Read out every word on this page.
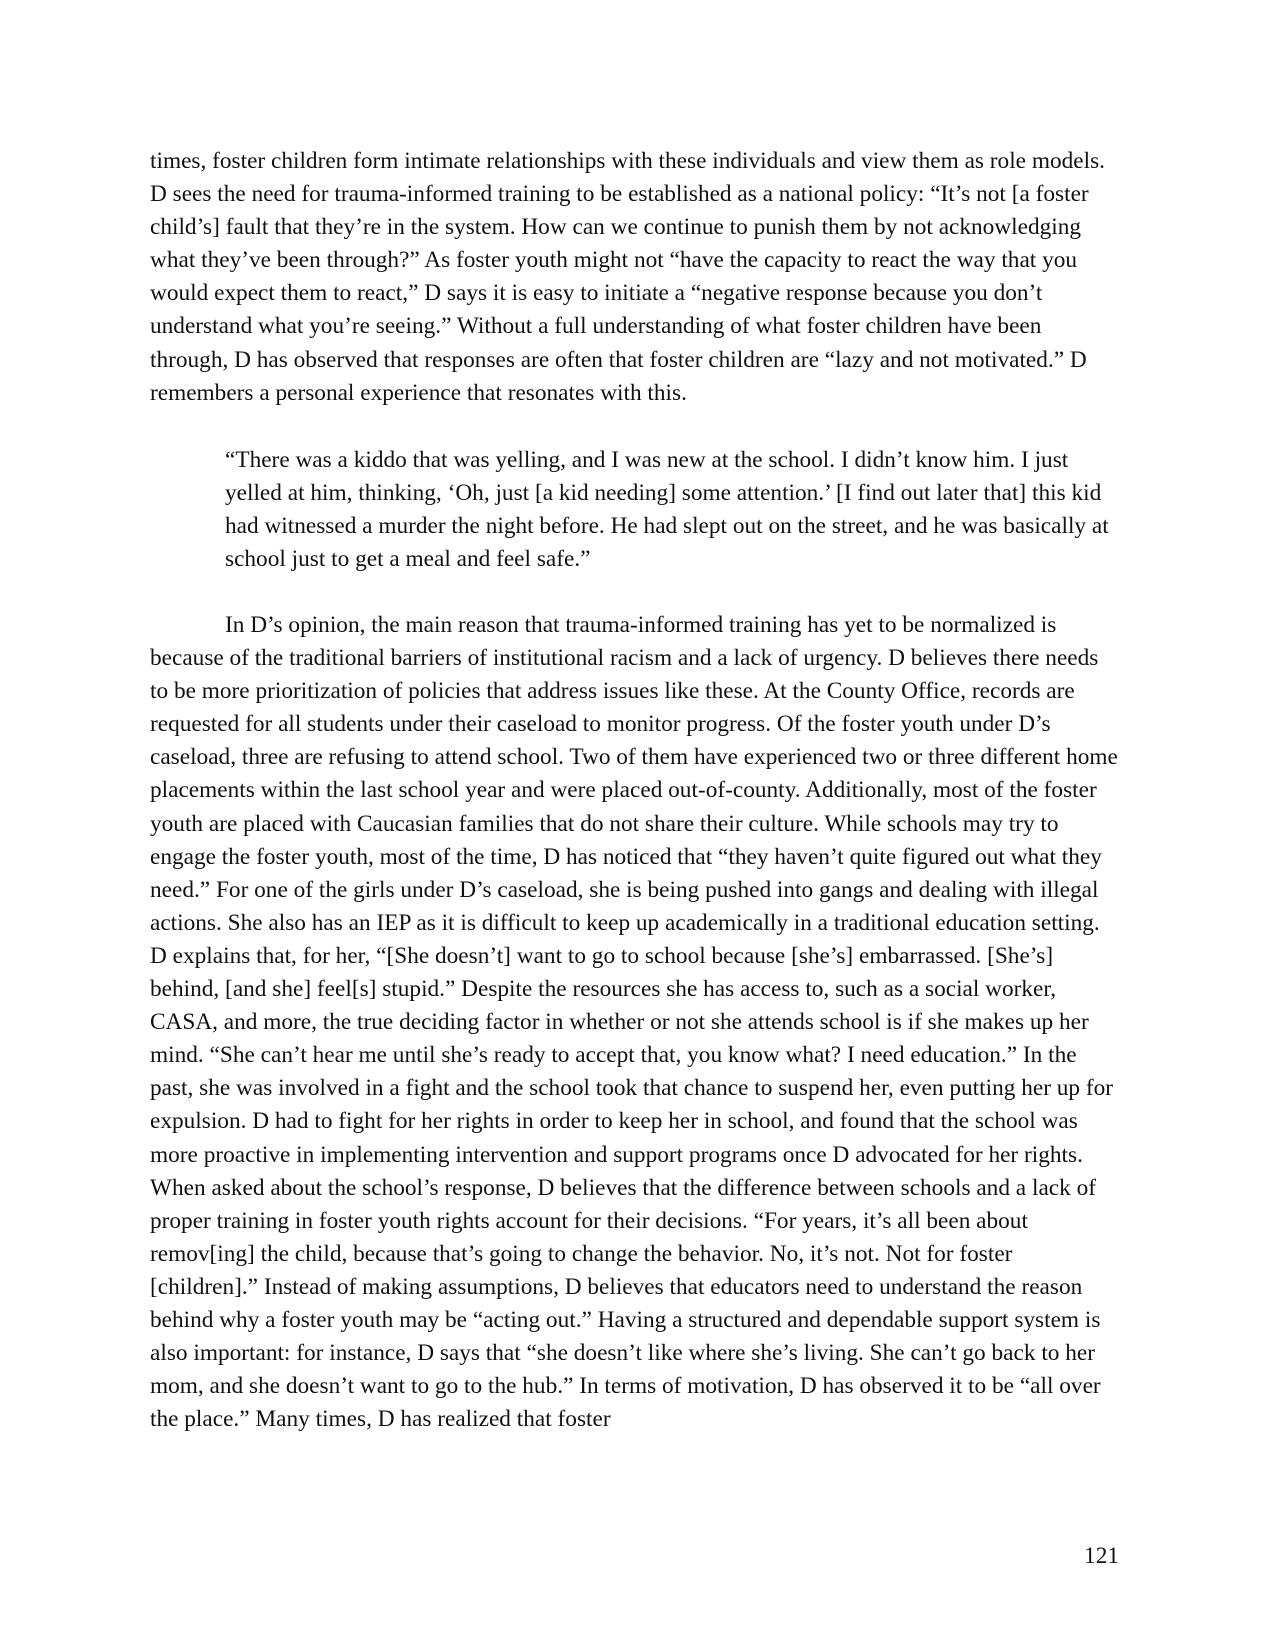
times, foster children form intimate relationships with these individuals and view them as role models. D sees the need for trauma-informed training to be established as a national policy: “It’s not [a foster child’s] fault that they’re in the system. How can we continue to punish them by not acknowledging what they’ve been through?” As foster youth might not “have the capacity to react the way that you would expect them to react,” D says it is easy to initiate a “negative response because you don’t understand what you’re seeing.” Without a full understanding of what foster children have been through, D has observed that responses are often that foster children are “lazy and not motivated.” D remembers a personal experience that resonates with this.

“There was a kiddo that was yelling, and I was new at the school. I didn’t know him. I just yelled at him, thinking, ‘Oh, just [a kid needing] some attention.’ [I find out later that] this kid had witnessed a murder the night before. He had slept out on the street, and he was basically at school just to get a meal and feel safe.”

In D’s opinion, the main reason that trauma-informed training has yet to be normalized is because of the traditional barriers of institutional racism and a lack of urgency. D believes there needs to be more prioritization of policies that address issues like these. At the County Office, records are requested for all students under their caseload to monitor progress. Of the foster youth under D’s caseload, three are refusing to attend school. Two of them have experienced two or three different home placements within the last school year and were placed out-of-county. Additionally, most of the foster youth are placed with Caucasian families that do not share their culture. While schools may try to engage the foster youth, most of the time, D has noticed that “they haven’t quite figured out what they need.” For one of the girls under D’s caseload, she is being pushed into gangs and dealing with illegal actions. She also has an IEP as it is difficult to keep up academically in a traditional education setting. D explains that, for her, “[She doesn’t] want to go to school because [she’s] embarrassed. [She’s] behind, [and she] feel[s] stupid.” Despite the resources she has access to, such as a social worker, CASA, and more, the true deciding factor in whether or not she attends school is if she makes up her mind. “She can’t hear me until she’s ready to accept that, you know what? I need education.” In the past, she was involved in a fight and the school took that chance to suspend her, even putting her up for expulsion. D had to fight for her rights in order to keep her in school, and found that the school was more proactive in implementing intervention and support programs once D advocated for her rights. When asked about the school’s response, D believes that the difference between schools and a lack of proper training in foster youth rights account for their decisions. “For years, it’s all been about remov[ing] the child, because that’s going to change the behavior. No, it’s not. Not for foster [children].” Instead of making assumptions, D believes that educators need to understand the reason behind why a foster youth may be “acting out.” Having a structured and dependable support system is also important: for instance, D says that “she doesn’t like where she’s living. She can’t go back to her mom, and she doesn’t want to go to the hub.” In terms of motivation, D has observed it to be “all over the place.” Many times, D has realized that foster

121
